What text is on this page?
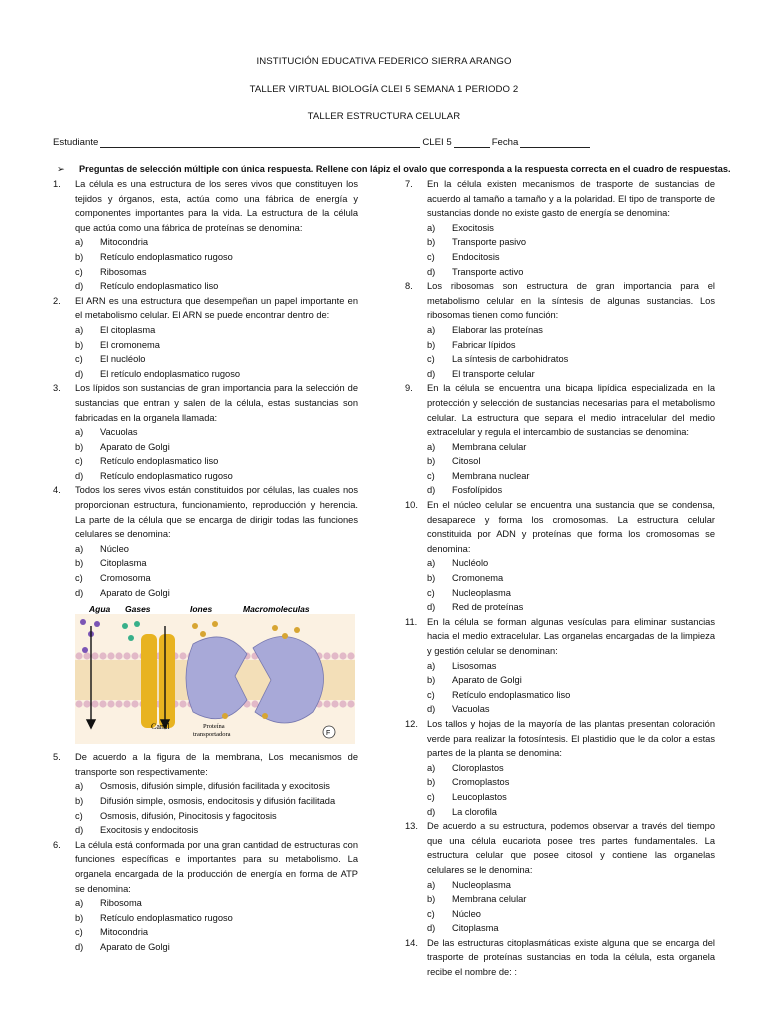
INSTITUCIÓN EDUCATIVA FEDERICO SIERRA ARANGO
TALLER VIRTUAL BIOLOGÍA CLEI 5 SEMANA 1 PERIODO 2
TALLER ESTRUCTURA CELULAR
Estudiante	CLEI 5	Fecha
➢ Preguntas de selección múltiple con única respuesta. Rellene con lápiz el ovalo que corresponda a la respuesta correcta en el cuadro de respuestas.
1.	La célula es una estructura de los seres vivos que constituyen los tejidos y órganos, esta, actúa como una fábrica de energía y componentes importantes para la vida. La estructura de la célula que actúa como una fábrica de proteínas se denomina:
a)	Mitocondria
b)	Retículo endoplasmatico rugoso
c)	Ribosomas
d)	Retículo endoplasmatico liso
2.	El ARN es una estructura que desempeñan un papel importante en el metabolismo celular. El ARN se puede encontrar dentro de:
a)	El citoplasma
b)	El cromonema
c)	El nucléolo
d)	El retículo endoplasmatico rugoso
3.	Los lípidos son sustancias de gran importancia para la selección de sustancias que entran y salen de la célula, estas sustancias son fabricadas en la organela llamada:
a)	Vacuolas
b)	Aparato de Golgi
c)	Retículo endoplasmatico liso
d)	Retículo endoplasmatico rugoso
4.	Todos los seres vivos están constituidos por células, las cuales nos proporcionan estructura, funcionamiento, reproducción y herencia. La parte de la célula que se encarga de dirigir todas las funciones celulares se denomina:
a)	Núcleo
b)	Citoplasma
c)	Cromosoma
d)	Aparato de Golgi
Agua Gases	Iones	Macromoleculas
Canal	Proteína
transportadora	F
5.	De acuerdo a la figura de la membrana, Los mecanismos de transporte son respectivamente:
a)	Osmosis, difusión simple, difusión facilitada y exocitosis
b)	Difusión simple, osmosis, endocitosis y difusión facilitada
c)	Osmosis, difusión, Pinocitosis y fagocitosis
d)	Exocitosis y endocitosis
6.	La célula está conformada por una gran cantidad de estructuras con funciones específicas e importantes para su metabolismo. La organela encargada de la producción de energía en forma de ATP se denomina:
a)	Ribosoma
b)	Retículo endoplasmatico rugoso
c)	Mitocondria
d)	Aparato de Golgi
7.	En la célula existen mecanismos de trasporte de sustancias de acuerdo al tamaño a tamaño y a la polaridad. El tipo de transporte de sustancias donde no existe gasto de energía se denomina:
a)	Exocitosis
b)	Transporte pasivo
c)	Endocitosis
d)	Transporte activo
8.	Los ribosomas son estructura de gran importancia para el metabolismo celular en la síntesis de algunas sustancias. Los ribosomas tienen como función:
a)	Elaborar las proteínas
b)	Fabricar lípidos
c)	La síntesis de carbohidratos
d)	El transporte celular
9.	En la célula se encuentra una bicapa lipídica especializada en la protección y selección de sustancias necesarias para el metabolismo celular. La estructura que separa el medio intracelular del medio extracelular y regula el intercambio de sustancias se denomina:
a)	Membrana celular
b)	Citosol
c)	Membrana nuclear
d)	Fosfolípidos
10. En el núcleo celular se encuentra una sustancia que se condensa, desaparece y forma los cromosomas. La estructura celular constituida por ADN y proteínas que forma los cromosomas se denomina:
a)	Nucléolo
b)	Cromonema
c)	Nucleoplasma
d)	Red de proteínas
11.	En la célula se forman algunas vesículas para eliminar sustancias hacia el medio extracelular. Las organelas encargadas de la limpieza y gestión celular se denominan:
a)	Lisosomas
b)	Aparato de Golgi
c)	Retículo endoplasmatico liso
d)	Vacuolas
12. Los tallos y hojas de la mayoría de las plantas presentan coloración verde para realizar la fotosíntesis. El plastidio que le da color a estas partes de la planta se denomina:
a)	Cloroplastos
b)	Cromoplastos
c)	Leucoplastos
d)	La clorofila
13. De acuerdo a su estructura, podemos observar a través del tiempo que una célula eucariota posee tres partes fundamentales. La estructura celular que posee citosol y contiene las organelas celulares se le denomina:
a)	Nucleoplasma
b)	Membrana celular
c)	Núcleo
d)	Citoplasma
14. De las estructuras citoplasmáticas existe alguna que se encarga del trasporte de proteínas sustancias en toda la célula, esta organela recibe el nombre de: :
